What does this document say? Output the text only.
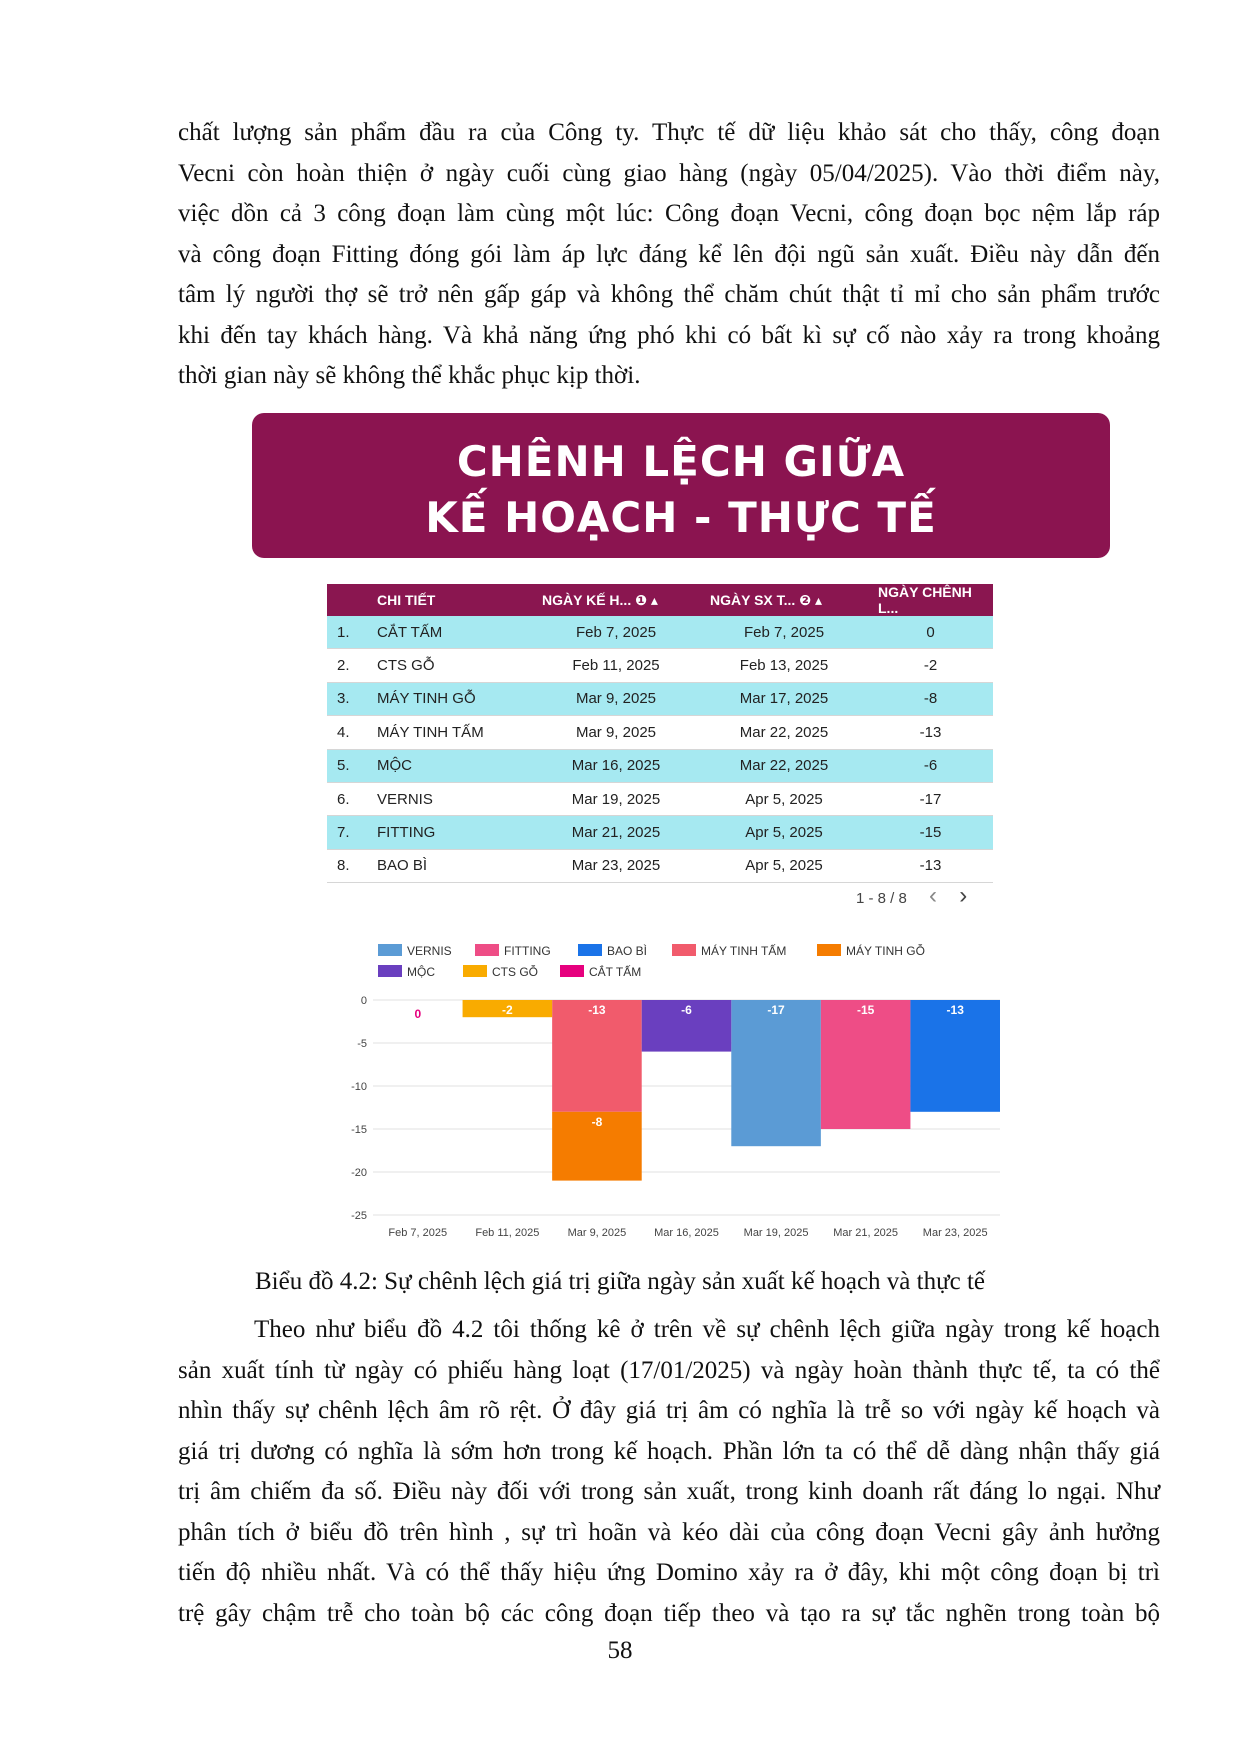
chất lượng sản phẩm đầu ra của Công ty. Thực tế dữ liệu khảo sát cho thấy, công đoạn
Vecni còn hoàn thiện ở ngày cuối cùng giao hàng (ngày 05/04/2025). Vào thời điểm này,
việc dồn cả 3 công đoạn làm cùng một lúc: Công đoạn Vecni, công đoạn bọc nệm lắp ráp
và công đoạn Fitting đóng gói làm áp lực đáng kể lên đội ngũ sản xuất. Điều này dẫn đến
tâm lý người thợ sẽ trở nên gấp gáp và không thể chăm chút thật tỉ mỉ cho sản phẩm trước
khi đến tay khách hàng. Và khả năng ứng phó khi có bất kì sự cố nào xảy ra trong khoảng
thời gian này sẽ không thể khắc phục kịp thời.
CHÊNH LỆCH GIỮA
KẾ HOẠCH - THỰC TẾ
	CHI TIẾT	NGÀY KẾ H... ❶ ▴	NGÀY SX T... ❷ ▴	NGÀY CHÊNH L...
1.	CẮT TẤM	Feb 7, 2025	Feb 7, 2025	0
2.	CTS GỖ	Feb 11, 2025	Feb 13, 2025	-2
3.	MÁY TINH GỖ	Mar 9, 2025	Mar 17, 2025	-8
4.	MÁY TINH TẤM	Mar 9, 2025	Mar 22, 2025	-13
5.	MỘC	Mar 16, 2025	Mar 22, 2025	-6
6.	VERNIS	Mar 19, 2025	Apr 5, 2025	-17
7.	FITTING	Mar 21, 2025	Apr 5, 2025	-15
8.	BAO BÌ	Mar 23, 2025	Apr 5, 2025	-13
1 - 8 / 8 ‹ ›
VERNIS	FITTING	BAO BÌ	MÁY TINH TẤM	MÁY TINH GỖ
MỘC	CTS GỖ	CẮT TẤM
0
-5
-10
-15
-20
-25
-17	-15	-13
-13
-8
-6
-2
0
Feb 7, 2025	Feb 11, 2025	Mar 9, 2025	Mar 16, 2025 Mar 19, 2025 Mar 21, 2025 Mar 23, 2025
Biểu đồ 4.2: Sự chênh lệch giá trị giữa ngày sản xuất kế hoạch và thực tế
Theo như biểu đồ 4.2 tôi thống kê ở trên về sự chênh lệch giữa ngày trong kế hoạch
sản xuất tính từ ngày có phiếu hàng loạt (17/01/2025) và ngày hoàn thành thực tế, ta có thể
nhìn thấy sự chênh lệch âm rõ rệt. Ở đây giá trị âm có nghĩa là trễ so với ngày kế hoạch và
giá trị dương có nghĩa là sớm hơn trong kế hoạch. Phần lớn ta có thể dễ dàng nhận thấy giá
trị âm chiếm đa số. Điều này đối với trong sản xuất, trong kinh doanh rất đáng lo ngại. Như
phân tích ở biểu đồ trên hình , sự trì hoãn và kéo dài của công đoạn Vecni gây ảnh hưởng
tiến độ nhiều nhất. Và có thể thấy hiệu ứng Domino xảy ra ở đây, khi một công đoạn bị trì
trệ gây chậm trễ cho toàn bộ các công đoạn tiếp theo và tạo ra sự tắc nghẽn trong toàn bộ
58
